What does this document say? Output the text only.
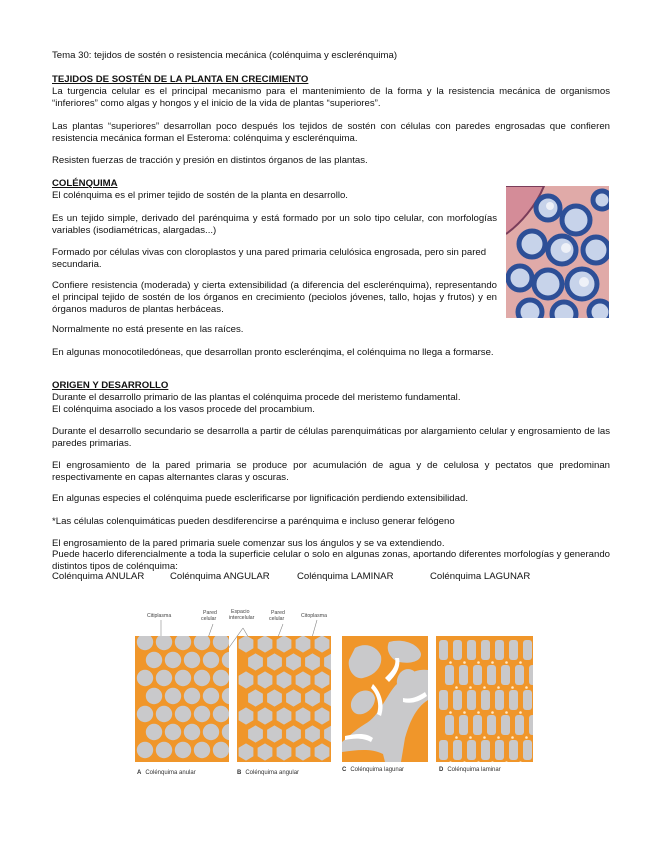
Tema 30: tejidos de sostén o resistencia mecánica (colénquima y esclerénquima)

TEJIDOS DE SOSTÉN DE LA PLANTA EN CRECIMIENTO

La turgencia celular es el principal mecanismo para el mantenimiento de la forma y la resistencia mecánica de organismos “inferiores” como algas y hongos y el inicio de la vida de plantas “superiores”.

Las plantas “superiores” desarrollan poco después los tejidos de sostén con células con paredes engrosadas que confieren resistencia mecánica forman el Esteroma: colénquima y esclerénquima.

Resisten fuerzas de tracción y presión en distintos órganos de las plantas.

COLÉNQUIMA

El colénquima es el primer tejido de sostén de la planta en desarrollo.

Es un tejido simple, derivado del parénquima y está formado por un solo tipo celular, con morfologías variables (isodiamétricas, alargadas...)

Formado por células vivas con cloroplastos y una pared primaria celulósica engrosada, pero sin pared secundaria.

Confiere resistencia (moderada) y cierta extensibilidad (a diferencia del esclerénquima), representando el principal tejido de sostén de los órganos en crecimiento (peciolos jóvenes, tallo, hojas y frutos) y en órganos maduros de plantas herbáceas.

Normalmente no está presente en las raíces.

En algunas monocotiledóneas, que desarrollan pronto esclerénqima, el colénquima no llega a formarse.

ORIGEN Y DESARROLLO

Durante el desarrollo primario de las plantas el colénquima procede del meristemo fundamental.

El colénquima asociado a los vasos procede del procambium.

Durante el desarrollo secundario se desarrolla a partir de células parenquimáticas por alargamiento celular y engrosamiento de las paredes primarias.

El engrosamiento de la pared primaria se produce por acumulación de agua y de celulosa y pectatos que predominan respectivamente en capas alternantes claras y oscuras.

En algunas especies el colénquima puede esclerificarse por lignificación perdiendo extensibilidad.

*Las células colenquimáticas pueden desdiferencirse a parénquima e incluso generar felógeno

El engrosamiento de la pared primaria suele comenzar sus los ángulos y se va extendiendo.

Puede hacerlo diferencialmente a toda la superficie celular o solo en algunas zonas, aportando diferentes morfologías y generando distintos tipos de colénquima:

Colénquima ANULAR	Colénquima ANGULAR	Colénquima LAMINAR	Colénquima LAGUNAR
Citiplasma	Pared
celular
Espacio
intercelular
Pared
celular	Citoplasma
A Colénquima anular	B Colénquima angular	C Colénquima lagunar	D Colénquima laminar
